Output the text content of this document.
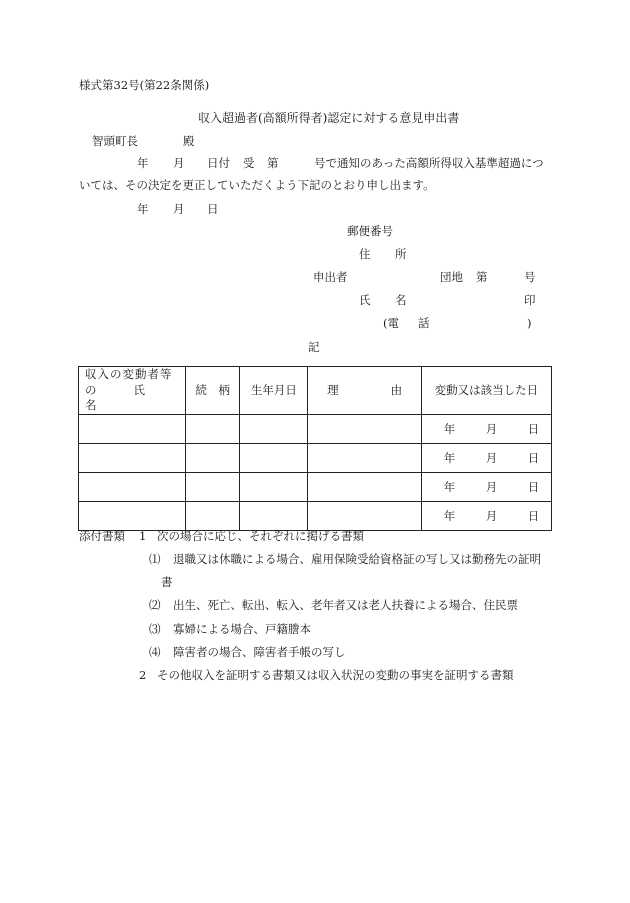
様式第32号(第22条関係)
収入超過者(高額所得者)認定に対する意見申出書
智頭町長	殿
年 月 日付 受 第	号で通知のあった高額所得収入基準超過につ
いては、その決定を更正していただくよう下記のとおり申し出ます。
年 月 日
郵便番号
住 所
申出者	団地 第	号
氏 名	印
(電 話	)
記
収入の変動者等
の 氏名	続　柄	生年月日	理 由	変動又は該当した日

				年 月 日

				年 月 日

				年 月 日

				年 月 日
添付書類 1 次の場合に応じ、それぞれに掲げる書類
⑴ 退職又は休職による場合、雇用保険受給資格証の写し又は勤務先の証明
書
⑵ 出生、死亡、転出、転入、老年者又は老人扶養による場合、住民票
⑶ 寡婦による場合、戸籍謄本
⑷ 障害者の場合、障害者手帳の写し
2 その他収入を証明する書類又は収入状況の変動の事実を証明する書類
